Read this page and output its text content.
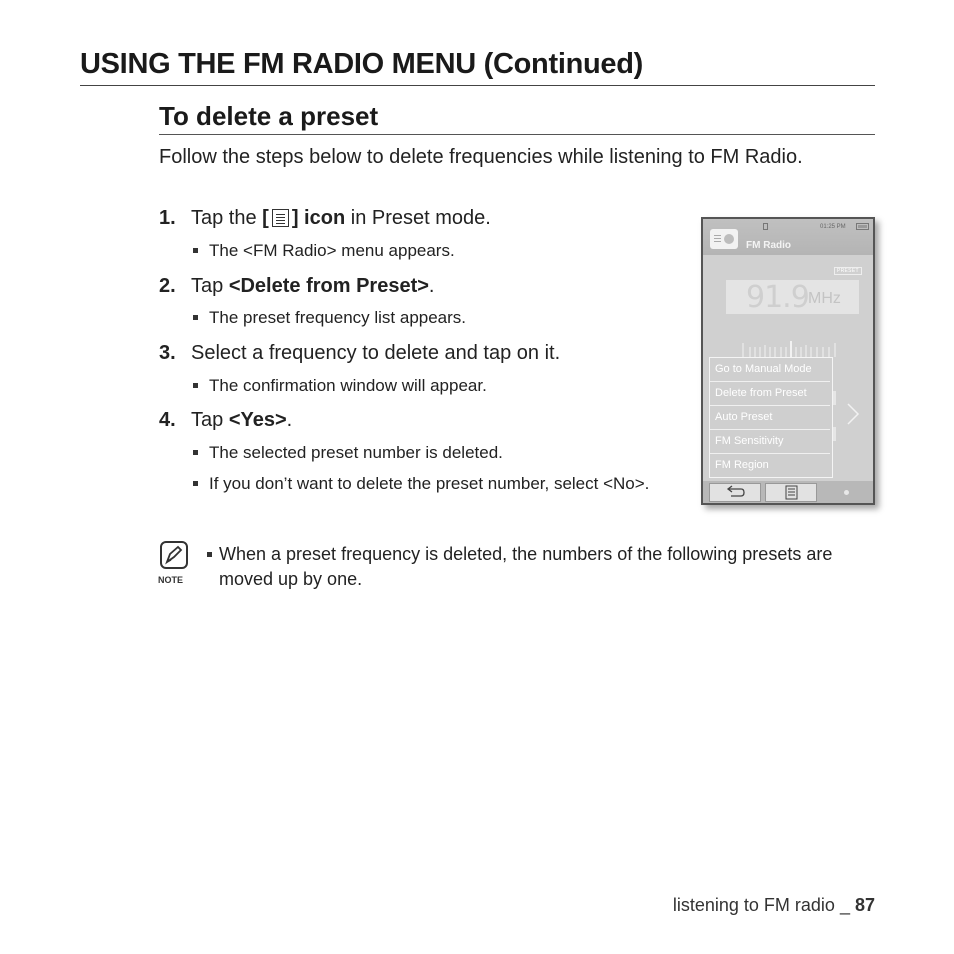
USING THE FM RADIO MENU (Continued)
To delete a preset

Follow the steps below to delete frequencies while listening to FM Radio.

1. Tap the [ ] icon in Preset mode.

The <FM Radio> menu appears.

2. Tap <Delete from Preset>.

The preset frequency list appears.

3. Select a frequency to delete and tap on it.

The confirmation window will appear.

4. Tap <Yes>.

The selected preset number is deleted.
If you don’t want to delete the preset number, select <No>.
NOTE
When a preset frequency is deleted, the numbers of the following presets are moved up by one.
01:25 PM
FM Radio
PRESET
91.9 MHz
Go to Manual Mode
Delete from Preset
Auto Preset
FM Sensitivity
FM Region
listening to FM radio _ 87
